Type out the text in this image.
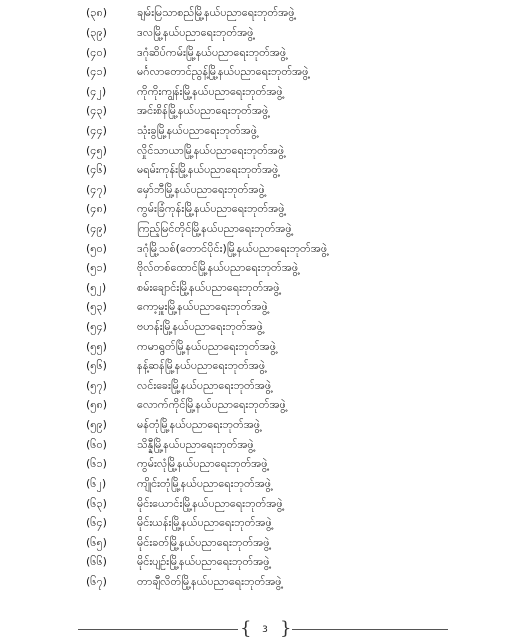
(၃၈)	ချမ်းမြသာစည်မြို့နယ်ပညာရေးဘုတ်အဖွဲ့
(၃၉)	ဒလမြို့နယ်ပညာရေးဘုတ်အဖွဲ့
(၄၀)	ဒဂုံဆိပ်ကမ်းမြို့နယ်ပညာရေးဘုတ်အဖွဲ့
(၄၁)	မင်္ဂလာတောင်ညွန့်မြို့နယ်ပညာရေးဘုတ်အဖွဲ့
(၄၂)	ကိုကိုးကျွန်းမြို့နယ်ပညာရေးဘုတ်အဖွဲ့
(၄၃)	အင်းစိန်မြို့နယ်ပညာရေးဘုတ်အဖွဲ့
(၄၄)	သုံးခွမြို့နယ်ပညာရေးဘုတ်အဖွဲ့
(၄၅)	လှိုင်သာယာမြို့နယ်ပညာရေးဘုတ်အဖွဲ့
(၄၆)	မရမ်းကုန်းမြို့နယ်ပညာရေးဘုတ်အဖွဲ့
(၄၇)	မှော်ဘီမြို့နယ်ပညာရေးဘုတ်အဖွဲ့
(၄၈)	ကွမ်းခြံကုန်းမြို့နယ်ပညာရေးဘုတ်အဖွဲ့
(၄၉)	ကြည့်မြင်တိုင်မြို့နယ်ပညာရေးဘုတ်အဖွဲ့
(၅၀)	ဒဂုံမြို့သစ်(တောင်ပိုင်း)မြို့နယ်ပညာရေးဘုတ်အဖွဲ့
(၅၁)	ဗိုလ်တစ်ထောင်မြို့နယ်ပညာရေးဘုတ်အဖွဲ့
(၅၂)	စမ်းချောင်းမြို့နယ်ပညာရေးဘုတ်အဖွဲ့
(၅၃)	ကော့မှူးမြို့နယ်ပညာရေးဘုတ်အဖွဲ့
(၅၄)	ဗဟန်းမြို့နယ်ပညာရေးဘုတ်အဖွဲ့
(၅၅)	ကမာရွတ်မြို့နယ်ပညာရေးဘုတ်အဖွဲ့
(၅၆)	နန့်ဆန်မြို့နယ်ပညာရေးဘုတ်အဖွဲ့
(၅၇)	လင်းခေးမြို့နယ်ပညာရေးဘုတ်အဖွဲ့
(၅၈)	လောက်ကိုင်မြို့နယ်ပညာရေးဘုတ်အဖွဲ့
(၅၉)	မန်တုံမြို့နယ်ပညာရေးဘုတ်အဖွဲ့
(၆၀)	သိန္နီမြို့နယ်ပညာရေးဘုတ်အဖွဲ့
(၆၁)	ကွမ်းလုံမြို့နယ်ပညာရေးဘုတ်အဖွဲ့
(၆၂)	ကျိုင်းတုံမြို့နယ်ပညာရေးဘုတ်အဖွဲ့
(၆၃)	မိုင်းယောင်းမြို့နယ်ပညာရေးဘုတ်အဖွဲ့
(၆၄)	မိုင်းယန်းမြို့နယ်ပညာရေးဘုတ်အဖွဲ့
(၆၅)	မိုင်းခတ်မြို့နယ်ပညာရေးဘုတ်အဖွဲ့
(၆၆)	မိုင်းပျဉ်းမြို့နယ်ပညာရေးဘုတ်အဖွဲ့
(၆၇)	တာချီလိတ်မြို့နယ်ပညာရေးဘုတ်အဖွဲ့
{	3 }
